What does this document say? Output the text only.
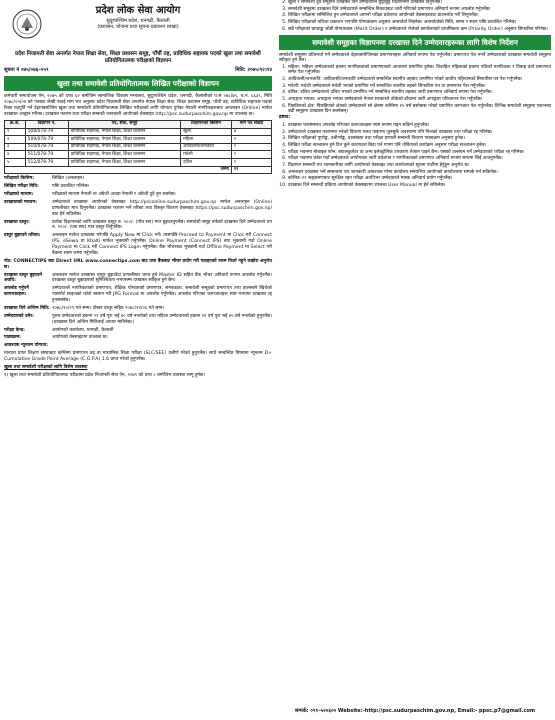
प्रदेश लोक सेवा आयोग
सुदूरपश्चिम प्रदेश, धनगढी, कैलाली
(प्रशासन, योजना तथा सूचना प्रकाशन शाखा)
प्रदेश निजामती सेवा अन्तर्गत नेपाल शिक्षा सेवा, शिक्षा प्रशासन समूह, पाँचौं तह, प्राविधिक सहायक पदको खुला तथा समावेशी प्रतियोगितात्मक परीक्षाको विज्ञापन
सूचना नं ०७५/०७६–०५९	मिति: २०७५।१२।१४
खुला तथा समावेशी प्रतियोगितात्मक लिखित परीक्षाको विज्ञापन

कर्मचारी समायोजन ऐन, २०७५ को दफा ६२ बमोजिम सामाजिक विकास मन्त्रालय, सुदूरपश्चिम प्रदेश, धनगढी, कैलालीको प.सं ०७८/७९, च.नं. ६६३९, मिति २०७८/०५/०४ को पत्रबाट लेखी पठाई माग भए अनुसार प्रदेश निजामती सेवा अन्तर्गत नेपाल शिक्षा सेवा, शिक्षा प्रशासन समूह, पाँचौं तह, प्राविधिक सहायक पदको रिक्त पदपूर्ति गर्न देहायबमोजिम खुला तथा समावेशी प्रतियोगितात्मक लिखित परीक्षाको लागि योग्यता पुगेका नेपाली नागरिकहरूबाट अनलाइन (Online) मार्फत दरखास्त आह्वान गरिन्छ। दरखास्त फाराम तथा परीक्षा सम्बन्धी जानकारी आयोगको वेबसाइट http://psc.sudurpaschim.gov.np मा उपलब्ध छ।

क्र.सं.	विज्ञापन नं.	पद, सेवा, समूह	विज्ञापनको किसिम	माग पद संख्या
१	508/078-79	प्राविधिक सहायक, नेपाल शिक्षा, शिक्षा प्रशासन	खुला	७
२	509/078-79	प्राविधिक सहायक, नेपाल शिक्षा, शिक्षा प्रशासन	महिला	२
३	510/078-79	प्राविधिक सहायक, नेपाल शिक्षा, शिक्षा प्रशासन	आदिवासी/जनजाति	१
४	511/078-79	प्राविधिक सहायक, नेपाल शिक्षा, शिक्षा प्रशासन	मधेशी	१
५	512/078-79	प्राविधिक सहायक, नेपाल शिक्षा, शिक्षा प्रशासन	दलित	१
जम्मा				१२
परीक्षाको किसिम:	लिखित (अनलाइन)
लिखित परीक्षा मिति:	पछि प्रकाशित गरिनेछ।
परीक्षाको माध्यम:	परीक्षाको माध्यम नेपाली वा अंग्रेजी अथवा नेपाली र अंग्रेजी दुवै हुन सक्नेछ।
दरखास्तको माध्यम:	उम्मेदवारले दरखास्त आयोगको वेबसाइट http://psconline.sudurpaschim.gov.np मार्फत अनलाइन (Online) प्रणालीबाट मात्र दिनुपर्नेछ। दरखास्त फाराम भर्ने तरिका तथा विस्तृत विवरण वेबसाइट https://psc.sudurpaschim.gov.np/ बाट हेर्न सकिनेछ।
दरखास्त दस्तुर:	प्रत्येक विज्ञापनको लागि दरखास्त दस्तुर रु. ५००/- (पाँच सय) मात्र बुझाउनुपर्नेछ। समावेशी समूह तर्फको दरखास्त दिने उम्मेदवारले थप रु. १००/- (एक सय) मात्र दस्तुर तिर्नुपर्नेछ।
दस्तुर बुझाउने तरिका:	अनलाइन मार्फत दरखास्त भरेपछि Apply Now मा Click गर्ने। त्यसपछि Proceed to Payment मा Click गरी Connect IPS, eSewa वा Khalti मार्फत भुक्तानी गर्नुपर्नेछ। Online Payment (Connect IPS) बाट भुक्तानी गर्दा Online Payment मा Click गरी Connect IPS Login गर्नुपर्नेछ। बैंक भौचरबाट भुक्तानी गर्दा Offline Payment मा Select गरी बैंकमा रकम जम्मा गर्नुपर्नेछ।

नोट: CONNECTIPS बाट Direct URL www.connectips.com बाट तथा बैंकबाट भौचर प्रयोग गरी पठाइएको रकम फिर्ता नहुने व्यहोरा अनुरोध छ।

दरखास्त दस्तुर बुझाउने अवधि:
अनलाइन मार्फत दरखास्त दस्तुर बुझाउँदा प्रणालीबाट प्राप्त हुने Master ID सहित बैंक भौचर अनिवार्य रूपमा अपलोड गर्नुपर्नेछ। दरखास्त दस्तुर बुझाइएको सुनिश्चितता नभएसम्म दरखास्त स्वीकृत हुने छैन।
अपलोड गर्नुपर्ने कागजातहरू:
उम्मेदवारले नागरिकताको प्रमाणपत्र, शैक्षिक योग्यताको प्रमाणपत्र, समकक्षता, समावेशी समूहको प्रमाणपत्र तथा हालसालै खिचेको पासपोर्ट साइजको फोटो स्क्यान गरी JPG Format मा अपलोड गर्नुपर्नेछ। अपलोड गरिएका कागजातहरू स्पष्ट नभएमा दरखास्त रद्द हुनसक्नेछ।
दरखास्त दिने अन्तिम मिति: २०७८/१०/२९ गते सम्म। दोब्बर दस्तुर सहित २०७८/११/०६ गते सम्म।
उम्मेदवारको उमेर:	पुरुष उम्मेदवारको हकमा २१ वर्ष पूरा भई ४० वर्ष ननाघेको तथा महिला उम्मेदवारको हकमा २१ वर्ष पूरा भई ४५ वर्ष ननाघेको हुनुपर्नेछ। (दरखास्त दिने अन्तिम मितिलाई आधार मानिनेछ।)
परीक्षा केन्द्र:	आयोगको कार्यालय, धनगढी, कैलाली
पाठ्यक्रम:	आयोगको वेबसाइटमा उपलब्ध छ।

आवश्यक न्यूनतम योग्यता:

मान्यता प्राप्त शिक्षण संस्थाबाट कम्तिमा प्रमाणपत्र तह वा माध्यमिक शिक्षा परीक्षा (SLC/SEE) उत्तीर्ण गरेको हुनुपर्नेछ। साथै सम्बन्धित विषयमा न्यूनतम D+ Cumulative Grade Point Average (C.G.P.A) 1.6 प्राप्त गरेको हुनुपर्नेछ।

खुला तथा समावेशी परीक्षाको लागि विशेष व्यवस्था

१) खुला तथा समावेशी प्रतियोगितात्मक परीक्षामा प्रदेश निजामती सेवा ऐन, २०७९ को दफा ८ बमोजिम व्यवस्था लागू हुनेछ।

2. खुला र समावेशी दुवै समूहमा दरखास्त दिने उम्मेदवारले छुट्टाछुट्टै विज्ञापनमा दरखास्त दिनुपर्नेछ।
3. समावेशी समूहमा दरखास्त दिने उम्मेदवारले सम्बन्धित निकायबाट जारी गरिएको प्रमाणपत्र अनिवार्य रूपमा अपलोड गर्नुपर्नेछ।
4. लिखित परीक्षामा सम्मिलित हुन उम्मेदवारले आफ्नो परीक्षा प्रवेशपत्र आयोगको वेबसाइटबाट डाउनलोड गरी लिनुपर्नेछ।
5. लिखित परीक्षाको नतिजा प्रकाशन भएपछि योग्यताक्रम अनुसार अन्तर्वार्ता लिइनेछ। अन्तर्वार्ताको मिति, समय र स्थान पछि प्रकाशित गरिनेछ।
6. सबै परीक्षाको प्राप्ताङ्क जोडी योग्यताक्रम (Merit Order) र उम्मेदवारले रोजेको कार्यालयको प्राथमिकता क्रम (Priority Order) अनुसार सिफारिस गरिनेछ।
समावेशी समूहका विज्ञापनमा दरखास्त दिने उम्मेदवारहरूका लागि विशेष निर्देशन

समावेशी समूहमा प्रतिस्पर्धा गर्ने उम्मेदवारले देहायबमोजिमका प्रमाणपत्रहरू अनिवार्य रूपमा पेश गर्नुपर्नेछ। प्रमाणपत्र पेश नगर्ने उम्मेदवारको दरखास्त समावेशी समूहमा स्वीकृत हुने छैन।

1. महिला: महिला उम्मेदवारको हकमा नागरिकताको प्रमाणपत्रको आधारमा प्रमाणित हुनेछ। विवाहित महिलाको हकमा पतिको नागरिकता र विवाह दर्ता प्रमाणपत्र समेत पेश गर्नुपर्नेछ।
2. आदिवासी/जनजाति: आदिवासी/जनजाति उम्मेदवारले सम्बन्धित स्थानीय तहबाट प्रमाणित गरेको जातीय पहिचानको सिफारिस पत्र पेश गर्नुपर्नेछ।
3. मधेशी: मधेशी उम्मेदवारले मधेशी भएको प्रमाणित गर्ने सम्बन्धित स्थानीय तहको सिफारिस पत्र वा प्रमाणपत्र पेश गर्नुपर्नेछ।
4. दलित: दलित उम्मेदवारले दलित भएको प्रमाणित गर्ने सम्बन्धित स्थानीय तहबाट जारी प्रमाणपत्र अनिवार्य रूपमा पेश गर्नुपर्नेछ।
5. अपाङ्गता भएका: अपाङ्गता भएका उम्मेदवारले नेपाल सरकारले तोकेको ढाँचामा जारी अपाङ्गता परिचयपत्र पेश गर्नुपर्नेछ।
6. पिछडिएको क्षेत्र: पिछडिएको क्षेत्रको उम्मेदवारले सो क्षेत्रमा कम्तिमा १५ वर्ष बसोबास गरेको प्रमाणित कागजात पेश गर्नुपर्नेछ। विभिन्न समावेशी समूहमा एकभन्दा बढी समूहमा दरखास्त दिन सक्नेछन्।

द्रष्टव्य:

1. दरखास्त फारामसाथ अपलोड गरिएका कागजातहरू स्पष्ट रूपमा पढ्न सकिने हुनुपर्नेछ।
2. उम्मेदवारले दरखास्त फाराममा भरेको विवरण गलत पाइएमा जुनसुकै अवस्थामा पनि निजको दरखास्त तथा परीक्षा रद्द गरिनेछ।
3. लिखित परीक्षाको पूर्णाङ्क, उत्तीर्णाङ्क, प्रश्नसंख्या तथा परीक्षा प्रणाली सम्बन्धी विवरण पाठ्यक्रम अनुसार हुनेछ।
4. लिखित परीक्षा सञ्चालन हुने दिन कुनै कारणवश बिदा पर्न गएमा पनि तोकिएको कार्यक्रम अनुसार परीक्षा सञ्चालन हुनेछ।
5. परीक्षा भवनमा मोबाइल फोन, क्यालकुलेटर वा अन्य इलेक्ट्रोनिक उपकरण लैजान पाइने छैन। यसको उल्लंघन गर्ने उम्मेदवारको परीक्षा रद्द गरिनेछ।
6. परीक्षा भवनमा प्रवेश गर्दा उम्मेदवारले आयोगबाट जारी प्रवेशपत्र र नागरिकताको प्रमाणपत्र अनिवार्य रूपमा साथमा लिई आउनुपर्नेछ।
7. विज्ञापन सम्बन्धी थप जानकारीका लागि आयोगको वेबसाइट तथा कार्यालयको सूचना पाटीमा हेर्नुहुन अनुरोध छ।
8. अनलाइन दरखास्त भर्ने सम्बन्धमा थप जानकारी आवश्यक परेमा कार्यालय समयभित्र आयोगको कार्यालयमा सम्पर्क गर्न सकिनेछ।
9. कोभिड–१९ सङ्क्रमणबाट सुरक्षित रहन परीक्षा अवधिभर उम्मेदवारले मास्क अनिवार्य प्रयोग गर्नुपर्नेछ।
10. दरखास्त दिने सम्बन्धी प्रक्रिया आयोगको वेबसाइटमा उपलब्ध User Manual मा हेर्न सकिनेछ।
सम्पर्क: ०९१–५२०६०० Website:-http://psc.sudurpaschim.gov.np, Email:- ppsc.p7@gmail.com
